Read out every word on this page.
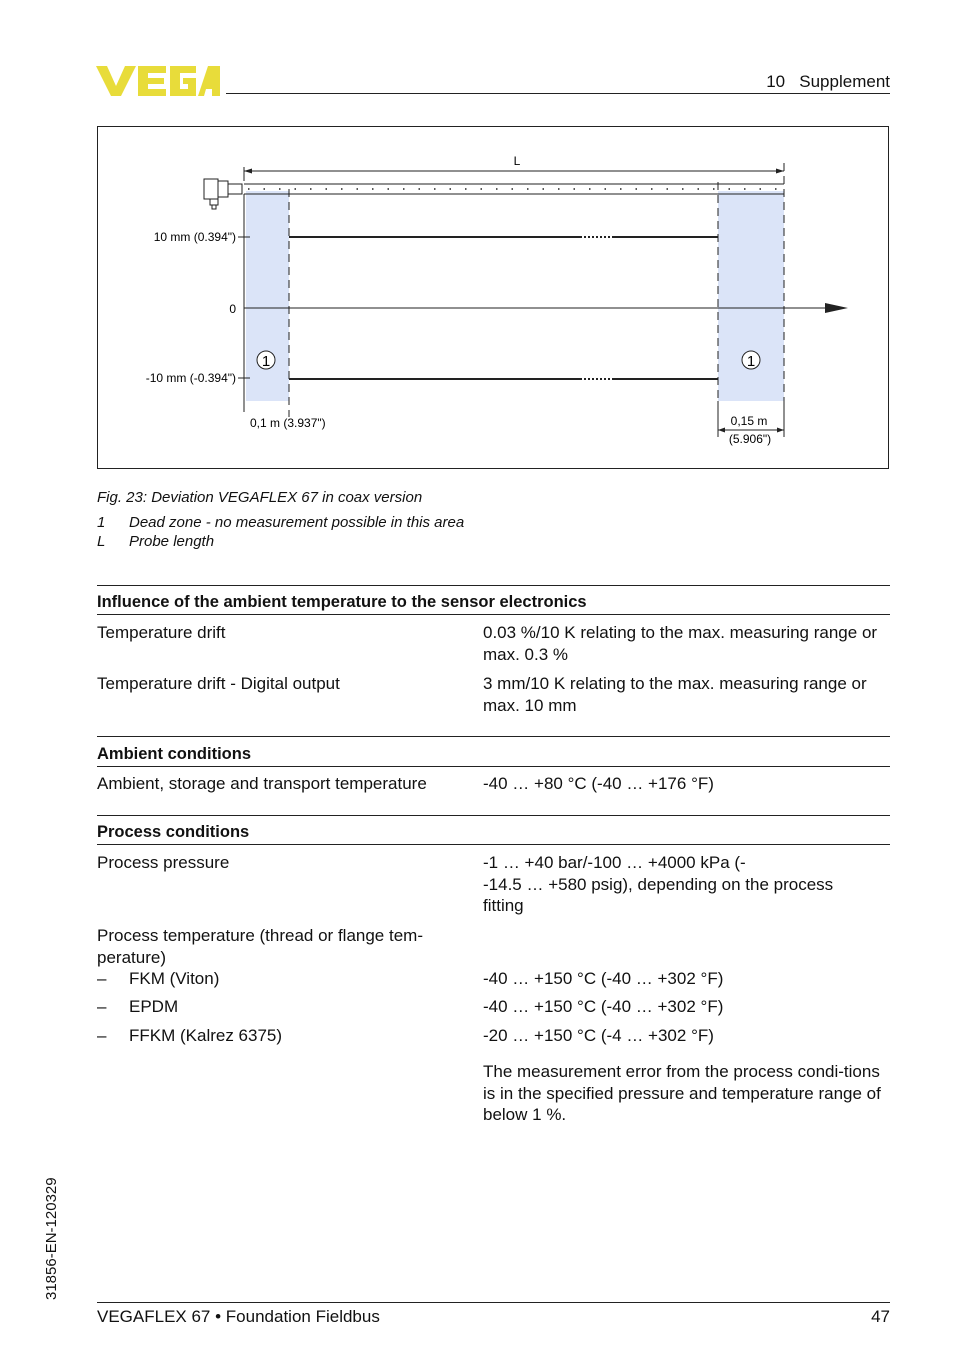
VEGA
10   Supplement
L
10 mm (0.394")
0
-10 mm (-0.394")
1	1
0,1 m (3.937")	0,15 m
(5.906")
Fig. 23: Deviation VEGAFLEX 67 in coax version
1 Dead zone - no measurement possible in this area
L Probe length
Influence of the ambient temperature to the sensor electronics
Temperature drift	0.03 %/10 K relating to the max. measuring range or max. 0.3 %
Temperature drift - Digital output	3 mm/10 K relating to the max. measuring range or max. 10 mm
Ambient conditions
Ambient, storage and transport temperature	-40 … +80 °C (-40 … +176 °F)
Process conditions
Process pressure	-1 … +40 bar/-100 … +4000 kPa (-
-14.5 … +580 psig), depending on the process fitting
Process temperature (thread or flange tem-perature)
– FKM (Viton)	-40 … +150 °C (-40 … +302 °F)
– EPDM	-40 … +150 °C (-40 … +302 °F)
– FFKM (Kalrez 6375)	-20 … +150 °C (-4 … +302 °F)
The measurement error from the process condi-tions is in the specified pressure and temperature range of below 1 %.
31856-EN-120329
VEGAFLEX 67 • Foundation Fieldbus	47
